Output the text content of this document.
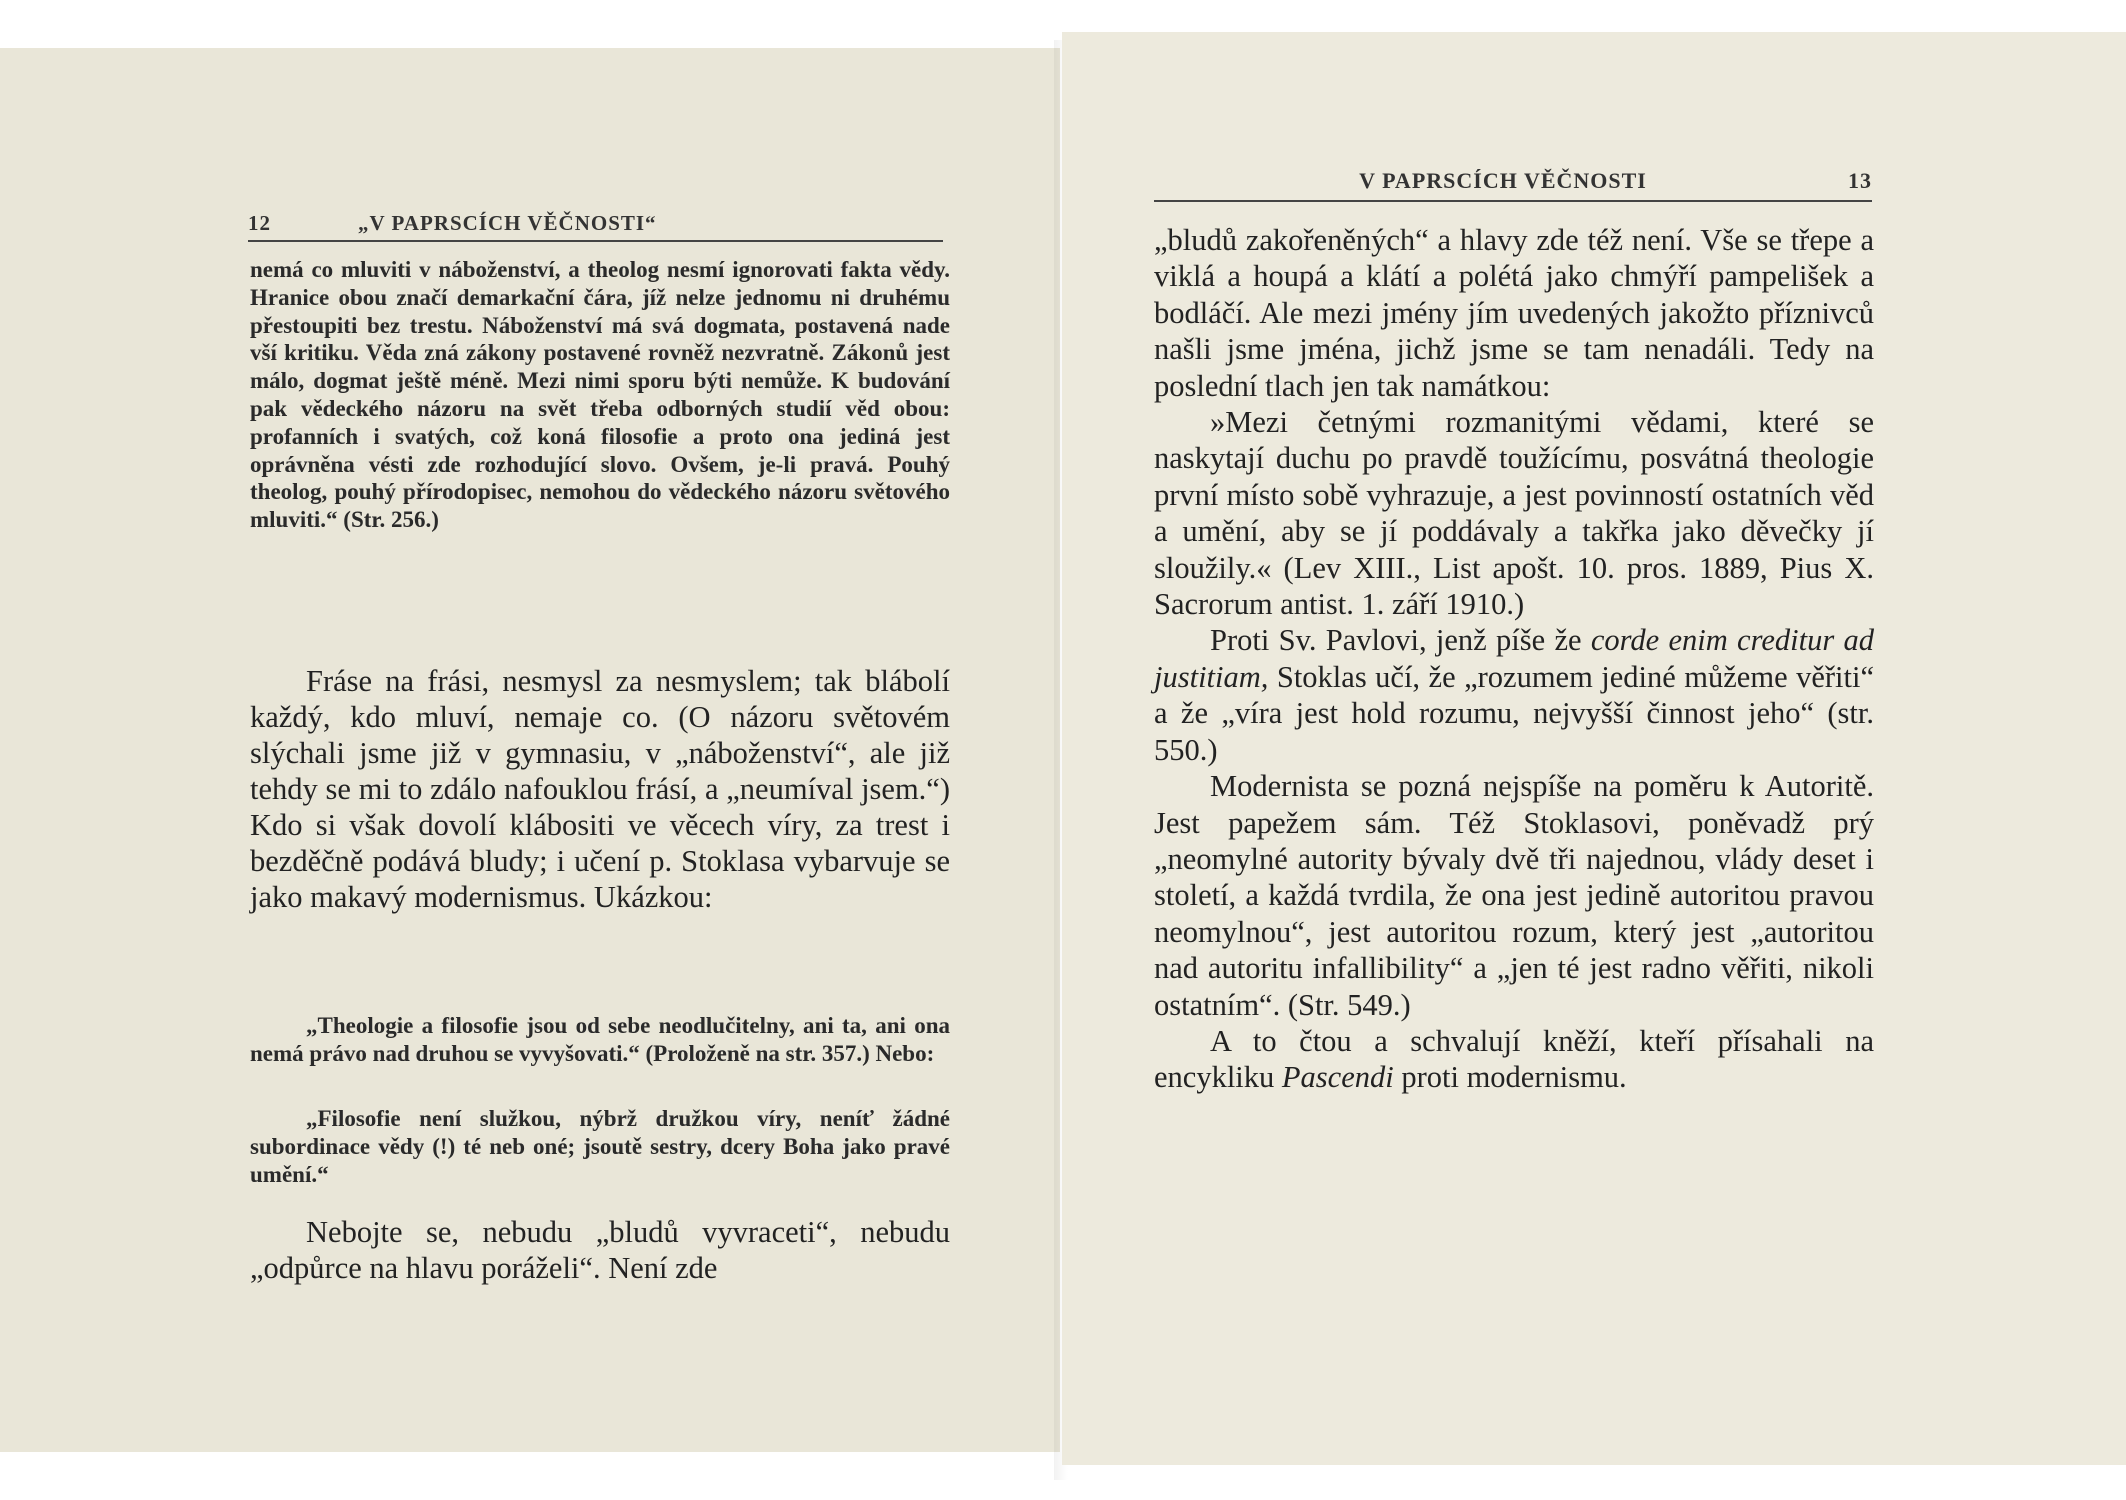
12	„V PAPRSCÍCH VĚČNOSTI“

nemá co mluviti v náboženství, a theolog nesmí ignorovati fakta vědy. Hranice obou značí demarkační čára, jíž nelze jednomu ni druhému přestoupiti bez trestu. Náboženství má svá dogmata, postavená nade vší kritiku. Věda zná zákony postavené rovněž nezvratně. Zákonů jest málo, dogmat ještě méně. Mezi nimi sporu býti nemůže. K budování pak vědeckého názoru na svět třeba odborných studií věd obou: profanních i svatých, což koná filosofie a proto ona jediná jest oprávněna vésti zde rozhodující slovo. Ovšem, je-li pravá. Pouhý theolog, pouhý přírodopisec, nemohou do vědeckého názoru světového mluviti.“ (Str. 256.)

Fráse na frási, nesmysl za nesmyslem; tak blábolí každý, kdo mluví, nemaje co. (O názoru světovém slýchali jsme již v gymnasiu, v „náboženství“, ale již tehdy se mi to zdálo nafouklou frásí, a „neumíval jsem.“) Kdo si však dovolí klábositi ve věcech víry, za trest i bezděčně podává bludy; i učení p. Stoklasa vybarvuje se jako makavý modernismus. Ukázkou:

„Theologie a filosofie jsou od sebe neodlučitelny, ani ta, ani ona nemá právo nad druhou se vyvyšovati.“ (Proloženě na str. 357.) Nebo:

„Filosofie není služkou, nýbrž družkou víry, neníť žádné subordinace vědy (!) té neb oné; jsoutě sestry, dcery Boha jako pravé umění.“

Nebojte se, nebudu „bludů vyvraceti“, nebudu „odpůrce na hlavu poráželi“. Není zde

V PAPRSCÍCH VĚČNOSTI	13

„bludů zakořeněných“ a hlavy zde též není. Vše se třepe a viklá a houpá a klátí a polétá jako chmýří pampelišek a bodláčí. Ale mezi jmény jím uvedených jakožto příznivců našli jsme jména, jichž jsme se tam nenadáli. Tedy na poslední tlach jen tak namátkou:

»Mezi četnými rozmanitými vědami, které se naskytají duchu po pravdě toužícímu, posvátná theologie první místo sobě vyhrazuje, a jest povinností ostatních věd a umění, aby se jí poddávaly a takřka jako děvečky jí sloužily.« (Lev XIII., List apošt. 10. pros. 1889, Pius X. Sacrorum antist. 1. září 1910.)

Proti Sv. Pavlovi, jenž píše že corde enim creditur ad justitiam, Stoklas učí, že „rozumem jediné můžeme věřiti“ a že „víra jest hold rozumu, nejvyšší činnost jeho“ (str. 550.)

Modernista se pozná nejspíše na poměru k Autoritě. Jest papežem sám. Též Stoklasovi, poněvadž prý „neomylné autority bývaly dvě tři najednou, vlády deset i století, a každá tvrdila, že ona jest jedině autoritou pravou neomylnou“, jest autoritou rozum, který jest „autoritou nad autoritu infallibility“ a „jen té jest radno věřiti, nikoli ostatním“. (Str. 549.)

A to čtou a schvalují kněží, kteří přísahali na encykliku Pascendi proti modernismu.
